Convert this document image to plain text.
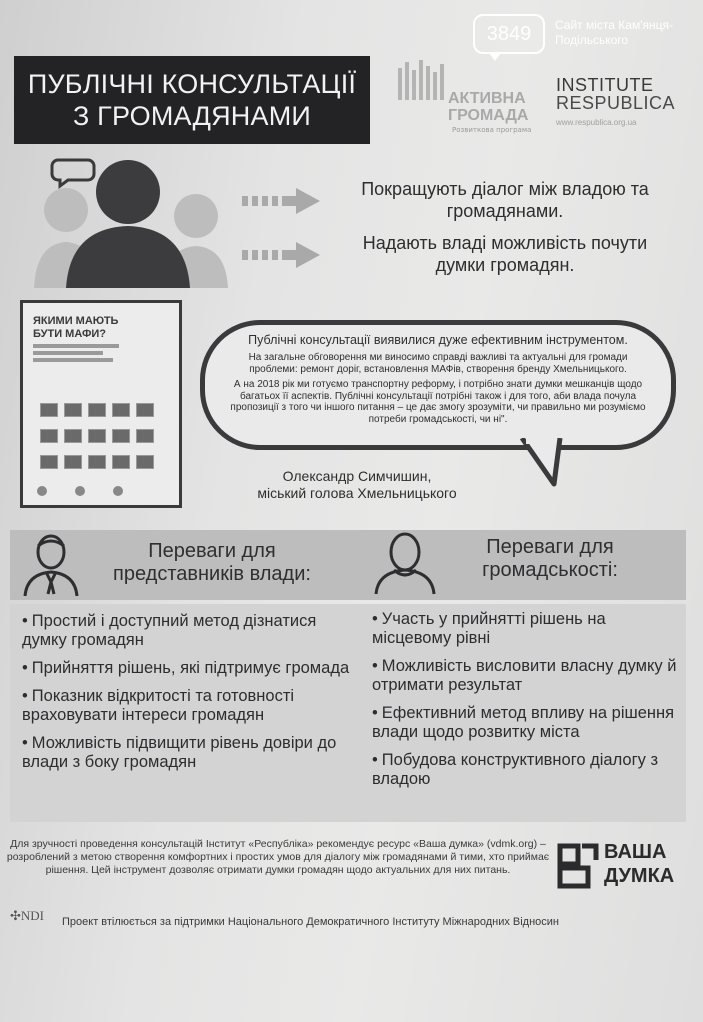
3849	Сайт міста Кам'янця-
Подільського
ПУБЛІЧНІ КОНСУЛЬТАЦІЇ
З ГРОМАДЯНАМИ
АКТИВНА
ГРОМАДА
Розвиткова програма
INSTITUTE
RESPUBLICA
www.respublica.org.ua
Покращують діалог між владою та
громадянами.
Надають владі можливість почути
думки громадян.
ЯКИМИ МАЮТЬ
БУТИ МАФИ?
	Публічні консультації виявилися дуже ефективним інструментом.

На загальне обговорення ми виносимо справді важливі та актуальні для громади проблеми: ремонт доріг, встановлення МАФів, створення бренду Хмельницького.

А на 2018 рік ми готуємо транспортну реформу, і потрібно знати думки мешканців щодо багатьох її аспектів. Публічні консультації потрібні також і для того, аби влада почула пропозиції з того чи іншого питання – це дає змогу зрозуміти, чи правильно ми розуміємо потреби громадськості, чи ні".

Олександр Симчишин,
міський голова Хмельницького
Переваги для
представників влади:
Переваги для
громадськості:
• Простий і доступний метод дізнатися думку громадян
• Прийняття рішень, які підтримує громада
• Показник відкритості та готовності враховувати інтереси громадян
• Можливість підвищити рівень довіри до влади з боку громадян
• Участь у прийнятті рішень на місцевому рівні
• Можливість висловити власну думку й отримати результат
• Ефективний метод впливу на рішення влади щодо розвитку міста
• Побудова конструктивного діалогу з владою
Для зручності проведення консультацій Інститут «Республіка» рекомендує ресурс «Ваша думка» (vdmk.org) – розроблений з метою створення комфортних і простих умов для діалогу між громадянами й тими, хто приймає рішення. Цей інструмент дозволяє отримати думки громадян щодо актуальних для них питань.
ВАША
ДУМКА
✣NDI Проект втілюється за підтримки Національного Демократичного Інституту Міжнародних Відносин
